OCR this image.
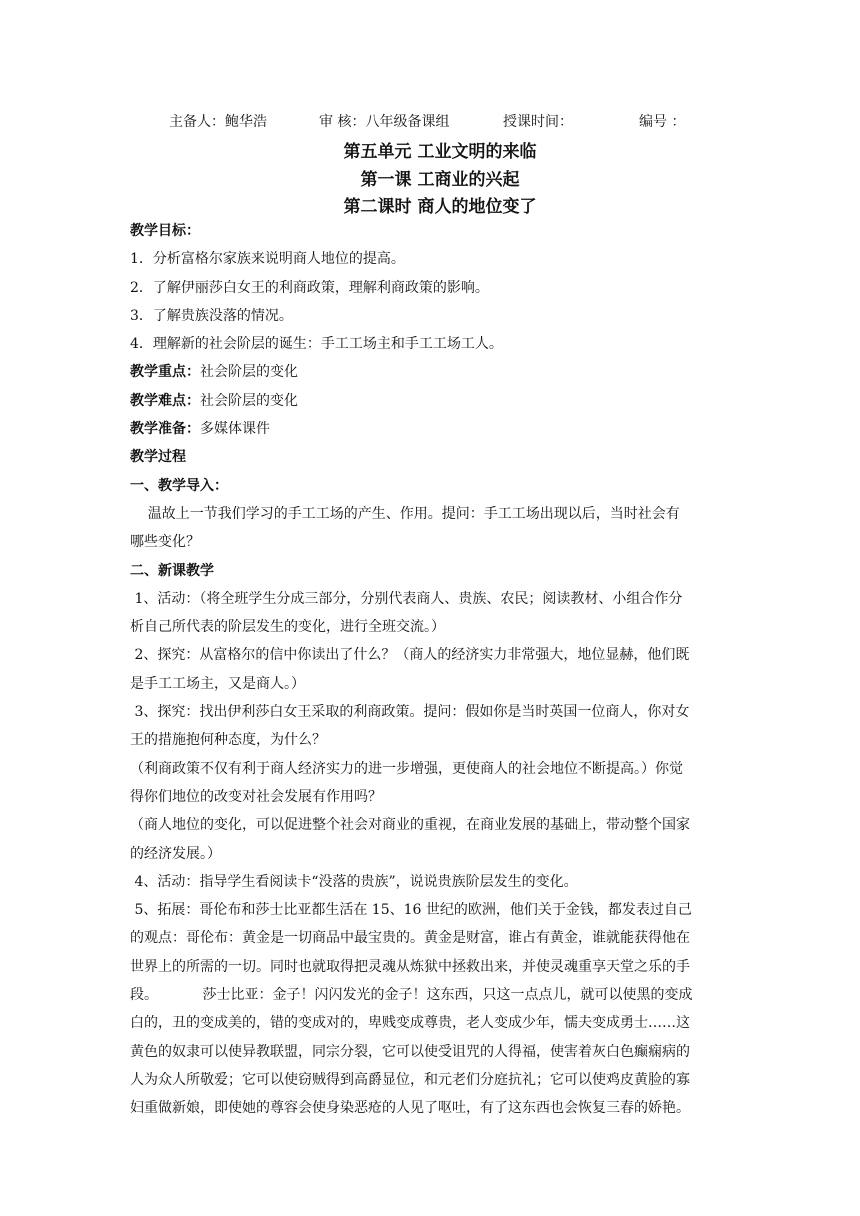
主备人：鲍华浩	审 核：八年级备课组	授课时间：	编号 ：
第五单元 工业文明的来临
第一课 工商业的兴起
第二课时 商人的地位变了

教学目标：

1．分析富格尔家族来说明商人地位的提高。

2．了解伊丽莎白女王的利商政策，理解利商政策的影响。

3．了解贵族没落的情况。

4．理解新的社会阶层的诞生：手工工场主和手工工场工人。

教学重点：社会阶层的变化

教学难点：社会阶层的变化

教学准备：多媒体课件

教学过程

一、教学导入：

温故上一节我们学习的手工工场的产生、作用。提问：手工工场出现以后，当时社会有

哪些变化？

二、新课教学

1、活动：（将全班学生分成三部分，分别代表商人、贵族、农民；阅读教材、小组合作分

析自己所代表的阶层发生的变化，进行全班交流。）

2、探究：从富格尔的信中你读出了什么？（商人的经济实力非常强大，地位显赫，他们既

是手工工场主，又是商人。）

3、探究：找出伊利莎白女王采取的利商政策。提问：假如你是当时英国一位商人，你对女

王的措施抱何种态度，为什么？

（利商政策不仅有利于商人经济实力的进一步增强，更使商人的社会地位不断提高。）你觉

得你们地位的改变对社会发展有作用吗？

（商人地位的变化，可以促进整个社会对商业的重视，在商业发展的基础上，带动整个国家

的经济发展。）

4、活动：指导学生看阅读卡“没落的贵族”，说说贵族阶层发生的变化。

5、拓展：哥伦布和莎士比亚都生活在 15、16 世纪的欧洲，他们关于金钱，都发表过自己

的观点：哥伦布：黄金是一切商品中最宝贵的。黄金是财富，谁占有黄金，谁就能获得他在

世界上的所需的一切。同时也就取得把灵魂从炼狱中拯救出来，并使灵魂重享天堂之乐的手

段。          莎士比亚：金子！闪闪发光的金子！这东西，只这一点点儿，就可以使黑的变成

白的，丑的变成美的，错的变成对的，卑贱变成尊贵，老人变成少年，懦夫变成勇士……这

黄色的奴隶可以使异教联盟，同宗分裂，它可以使受诅咒的人得福，使害着灰白色癫痫病的

人为众人所敬爱；它可以使窃贼得到高爵显位，和元老们分庭抗礼；它可以使鸡皮黄脸的寡

妇重做新娘，即使她的尊容会使身染恶疮的人见了呕吐，有了这东西也会恢复三春的娇艳。
